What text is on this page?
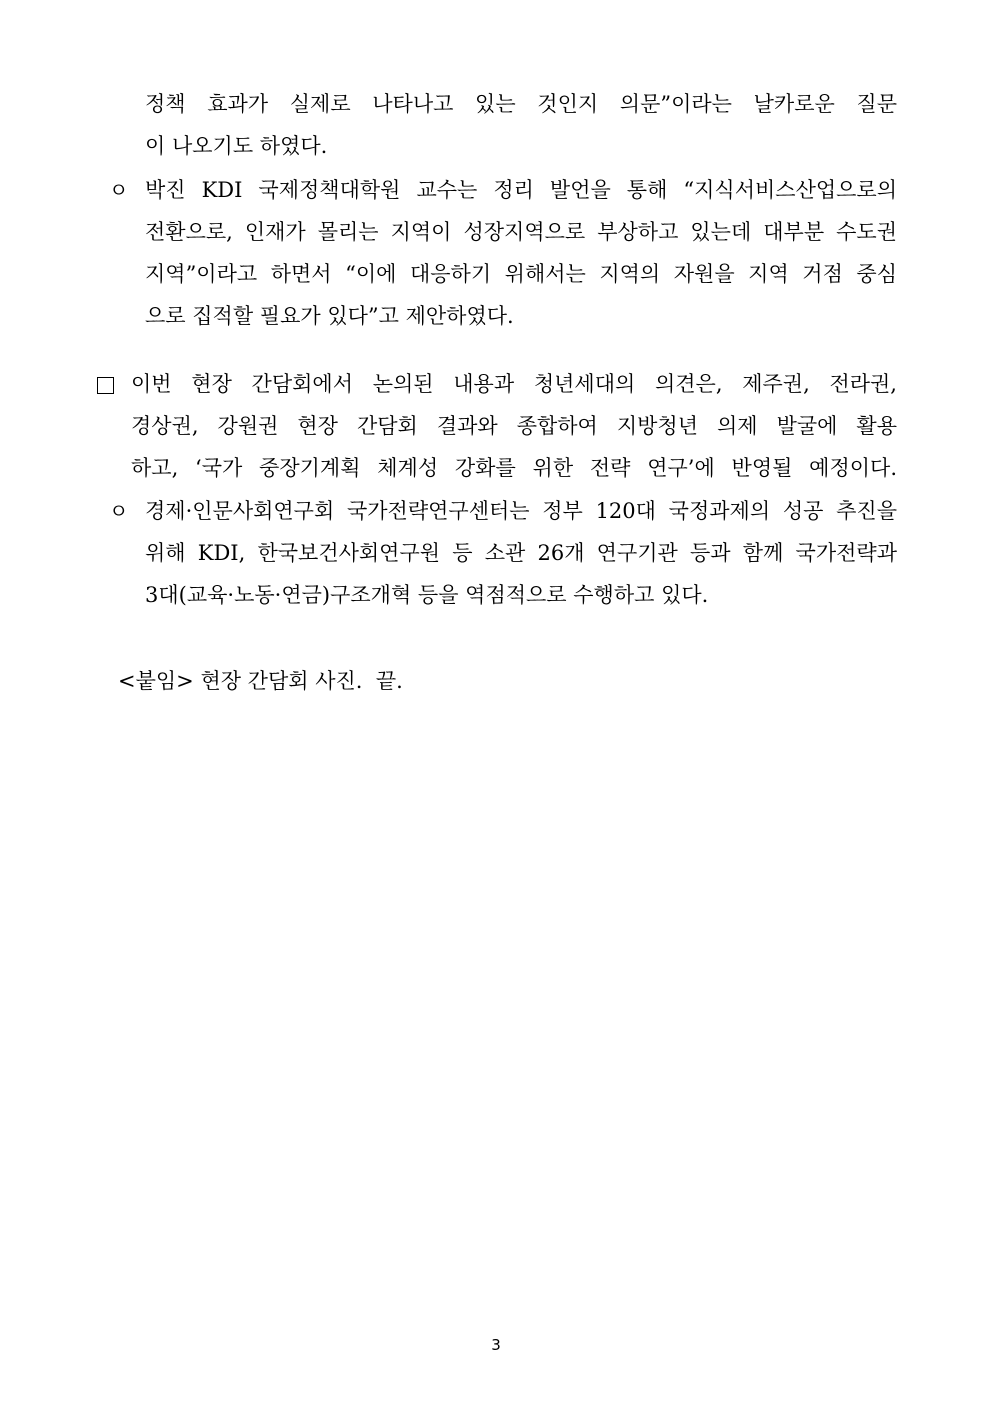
정책 효과가 실제로 나타나고 있는 것인지 의문”이라는 날카로운 질문
이 나오기도 하였다.
ㅇ 박진 KDI 국제정책대학원 교수는 정리 발언을 통해 “지식서비스산업으로의
전환으로, 인재가 몰리는 지역이 성장지역으로 부상하고 있는데 대부분 수도권
지역”이라고 하면서 “이에 대응하기 위해서는 지역의 자원을 지역 거점 중심
으로 집적할 필요가 있다”고 제안하였다.
이번 현장 간담회에서 논의된 내용과 청년세대의 의견은, 제주권, 전라권,
경상권, 강원권 현장 간담회 결과와 종합하여 지방청년 의제 발굴에 활용
하고, ‘국가 중장기계획 체계성 강화를 위한 전략 연구’에 반영될 예정이다.
ㅇ 경제·인문사회연구회 국가전략연구센터는 정부 120대 국정과제의 성공 추진을
위해 KDI, 한국보건사회연구원 등 소관 26개 연구기관 등과 함께 국가전략과
3대(교육·노동·연금)구조개혁 등을 역점적으로 수행하고 있다.
<붙임> 현장 간담회 사진.  끝.
3
